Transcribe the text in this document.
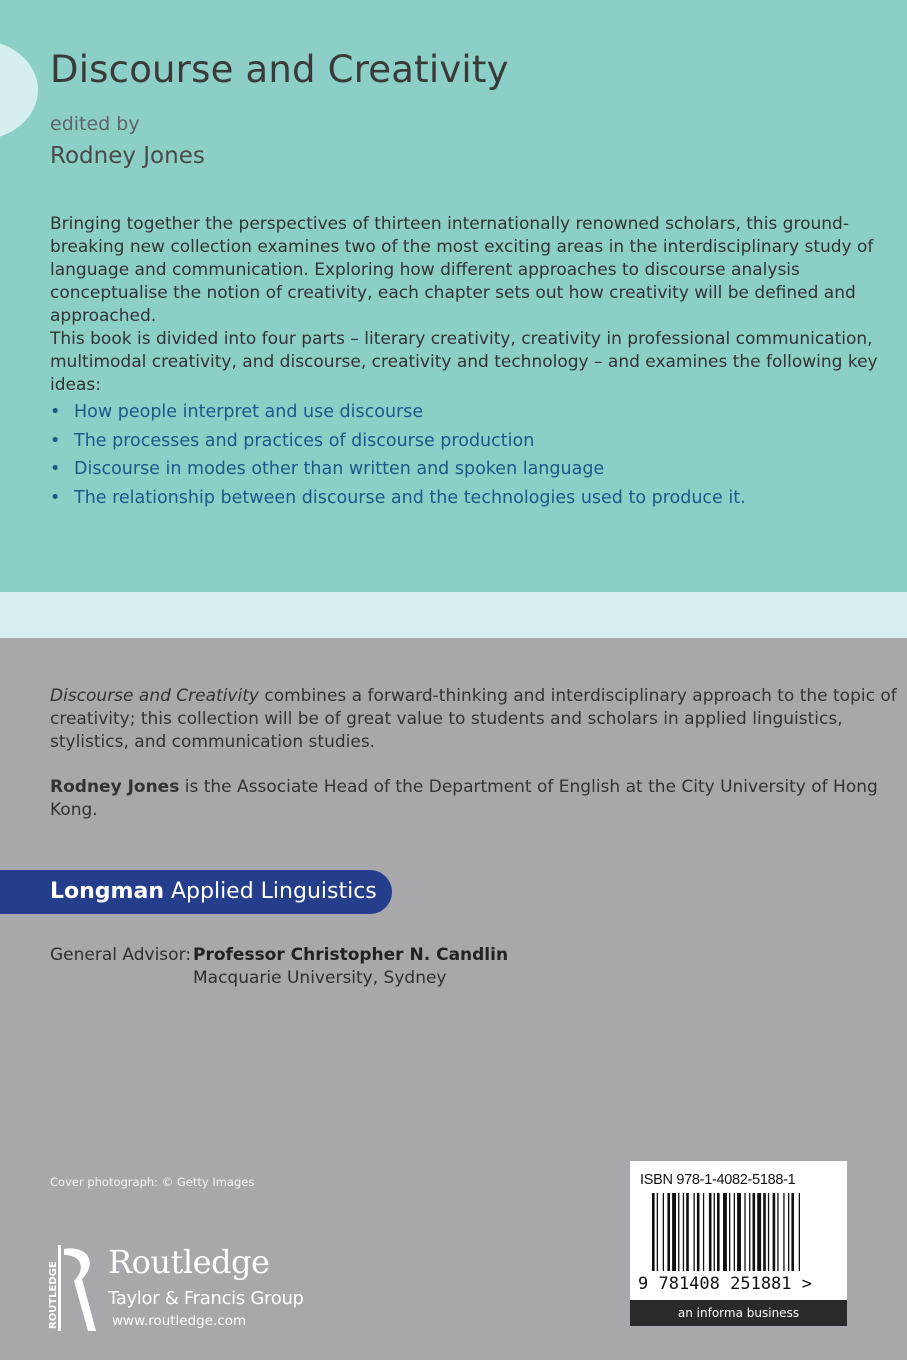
Discourse and Creativity
edited by
Rodney Jones

Bringing together the perspectives of thirteen internationally renowned scholars, this ground-breaking new collection examines two of the most exciting areas in the interdisciplinary study of language and communication. Exploring how different approaches to discourse analysis conceptualise the notion of creativity, each chapter sets out how creativity will be defined and approached.

This book is divided into four parts – literary creativity, creativity in professional communication, multimodal creativity, and discourse, creativity and technology – and examines the following key ideas:

• How people interpret and use discourse
• The processes and practices of discourse production
• Discourse in modes other than written and spoken language
• The relationship between discourse and the technologies used to produce it.

Discourse and Creativity combines a forward-thinking and interdisciplinary approach to the topic of creativity; this collection will be of great value to students and scholars in applied linguistics, stylistics, and communication studies.

Rodney Jones is the Associate Head of the Department of English at the City University of Hong Kong.

Longman Applied Linguistics
General Advisor: Professor Christopher N. Candlin
Macquarie University, Sydney
Cover photograph: © Getty Images
ROUTLEDGE Routledge
Taylor & Francis Group
www.routledge.com
ISBN 978-1-4082-5188-1
9 781408 251881 >
an informa business
